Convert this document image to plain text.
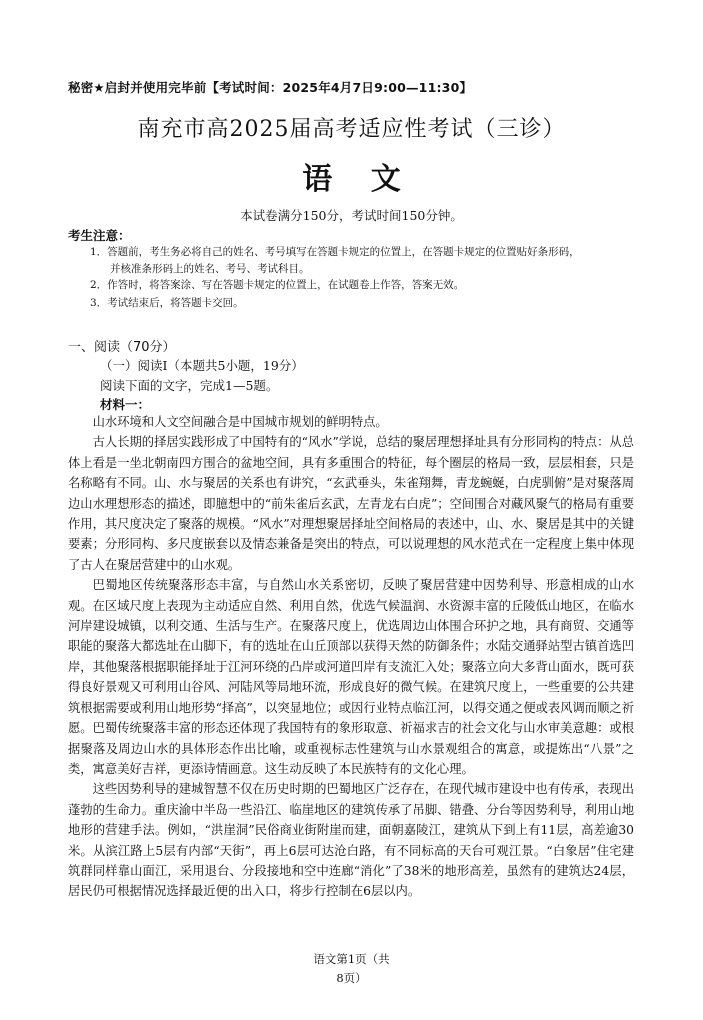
秘密★启封并使用完毕前【考试时间：2025年4月7日9:00—11:30】
南充市高2025届高考适应性考试（三诊）
语 文
本试卷满分150分，考试时间150分钟。
考生注意：
1．答题前，考生务必将自己的姓名、考号填写在答题卡规定的位置上，在答题卡规定的位置贴好条形码，
并核准条形码上的姓名、考号、考试科目。
2．作答时，将答案涂、写在答题卡规定的位置上，在试题卷上作答，答案无效。
3．考试结束后，将答题卡交回。
一、阅读（70分）
（一）阅读Ⅰ（本题共5小题，19分）
阅读下面的文字，完成1—5题。
材料一：

山水环境和人文空间融合是中国城市规划的鲜明特点。

古人长期的择居实践形成了中国特有的“风水”学说，总结的聚居理想择址具有分形同构的特点：从总体上看是一坐北朝南四方围合的盆地空间，具有多重围合的特征，每个圈层的格局一致，层层相套，只是名称略有不同。山、水与聚居的关系也有讲究，“玄武垂头，朱雀翔舞，青龙蜿蜒，白虎驯俯”是对聚落周边山水理想形态的描述，即臆想中的“前朱雀后玄武，左青龙右白虎”；空间围合对藏风聚气的格局有重要作用，其尺度决定了聚落的规模。“风水”对理想聚居择址空间格局的表述中，山、水、聚居是其中的关键要素；分形同构、多尺度嵌套以及情态兼备是突出的特点，可以说理想的风水范式在一定程度上集中体现了古人在聚居营建中的山水观。

巴蜀地区传统聚落形态丰富，与自然山水关系密切，反映了聚居营建中因势利导、形意相成的山水观。在区域尺度上表现为主动适应自然、利用自然，优选气候温润、水资源丰富的丘陵低山地区，在临水河岸建设城镇，以利交通、生活与生产。在聚落尺度上，优选周边山体围合环护之地，具有商贸、交通等职能的聚落大都选址在山脚下，有的选址在山丘顶部以获得天然的防御条件；水陆交通驿站型古镇首选凹岸，其他聚落根据职能择址于江河环绕的凸岸或河道凹岸有支流汇入处；聚落立向大多背山面水，既可获得良好景观又可利用山谷风、河陆风等局地环流，形成良好的微气候。在建筑尺度上，一些重要的公共建筑根据需要或利用山地形势“择高”，以突显地位；或因行业特点临江河，以得交通之便或表风调而顺之祈愿。巴蜀传统聚落丰富的形态还体现了我国特有的象形取意、祈福求吉的社会文化与山水审美意趣：或根据聚落及周边山水的具体形态作出比喻，或重视标志性建筑与山水景观组合的寓意，或提炼出“八景”之类，寓意美好吉祥，更添诗情画意。这生动反映了本民族特有的文化心理。

这些因势利导的建城智慧不仅在历史时期的巴蜀地区广泛存在，在现代城市建设中也有传承，表现出蓬勃的生命力。重庆渝中半岛一些沿江、临崖地区的建筑传承了吊脚、错叠、分台等因势利导，利用山地地形的营建手法。例如，“洪崖洞”民俗商业街附崖而建，面朝嘉陵江，建筑从下到上有11层，高差逾30米。从滨江路上5层有内部“天街”，再上6层可达沧白路，有不同标高的天台可观江景。“白象居”住宅建筑群同样靠山面江，采用退台、分段接地和空中连廊“消化”了38米的地形高差，虽然有的建筑达24层，居民仍可根据情况选择最近便的出入口，将步行控制在6层以内。

语文第1页（共
8页）
